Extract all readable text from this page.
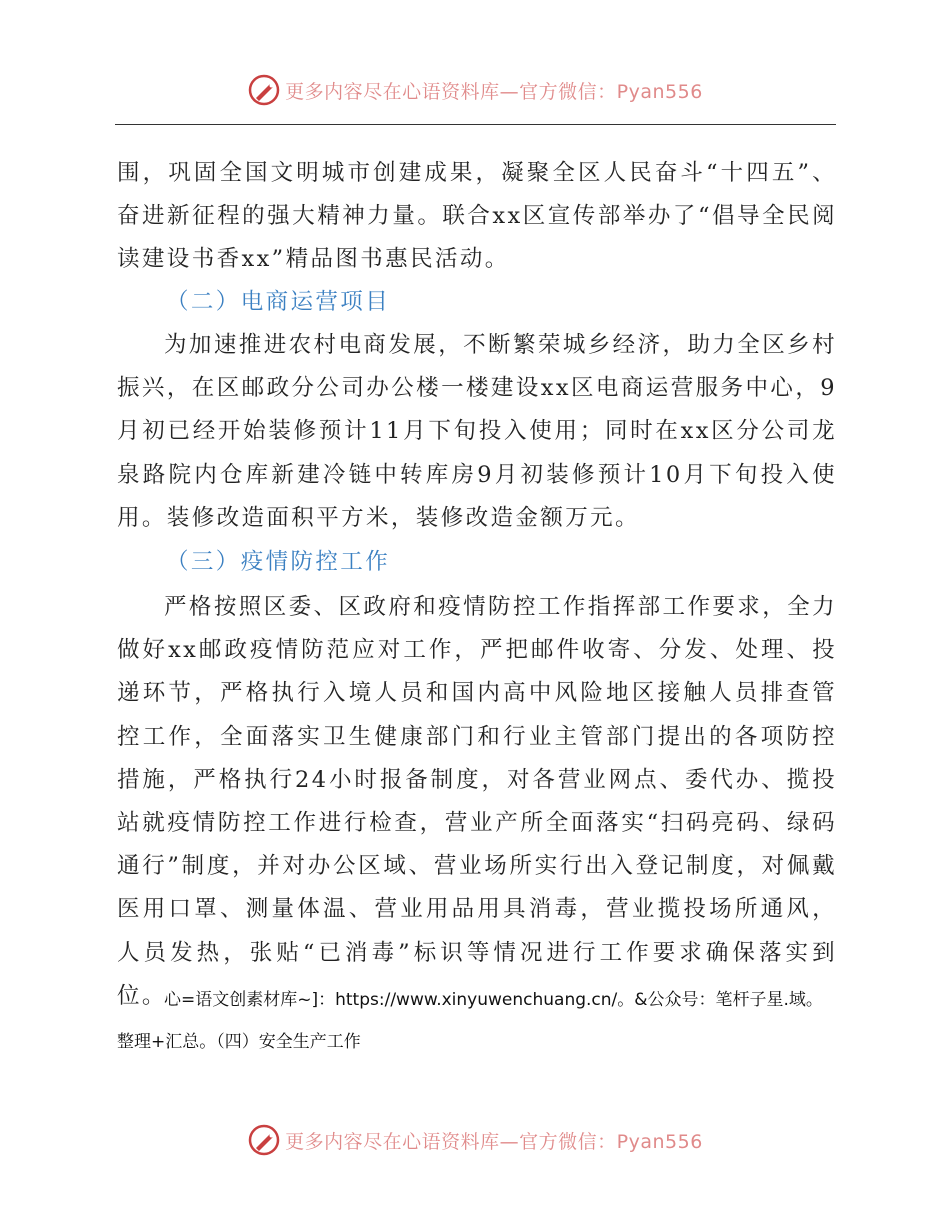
更多内容尽在心语资料库—官方微信：Pyan556

围，巩固全国文明城市创建成果，凝聚全区人民奋斗“十四五”、奋进新征程的强大精神力量。联合xx区宣传部举办了“倡导全民阅读建设书香xx”精品图书惠民活动。

（二）电商运营项目

为加速推进农村电商发展，不断繁荣城乡经济，助力全区乡村振兴，在区邮政分公司办公楼一楼建设xx区电商运营服务中心，9月初已经开始装修预计11月下旬投入使用；同时在xx区分公司龙泉路院内仓库新建冷链中转库房9月初装修预计10月下旬投入使用。装修改造面积平方米，装修改造金额万元。

（三）疫情防控工作

严格按照区委、区政府和疫情防控工作指挥部工作要求，全力做好xx邮政疫情防范应对工作，严把邮件收寄、分发、处理、投递环节，严格执行入境人员和国内高中风险地区接触人员排查管控工作，全面落实卫生健康部门和行业主管部门提出的各项防控措施，严格执行24小时报备制度，对各营业网点、委代办、揽投站就疫情防控工作进行检查，营业产所全面落实“扫码亮码、绿码通行”制度，并对办公区域、营业场所实行出入登记制度，对佩戴医用口罩、测量体温、营业用品用具消毒，营业揽投场所通风，人员发热，张贴“已消毒”标识等情况进行工作要求确保落实到位。

心=语文创素材库~]：https://www.xinyuwenchuang.cn/。&公众号：笔杆子星.域。整理+汇总。（四）安全生产工作

更多内容尽在心语资料库—官方微信：Pyan556
